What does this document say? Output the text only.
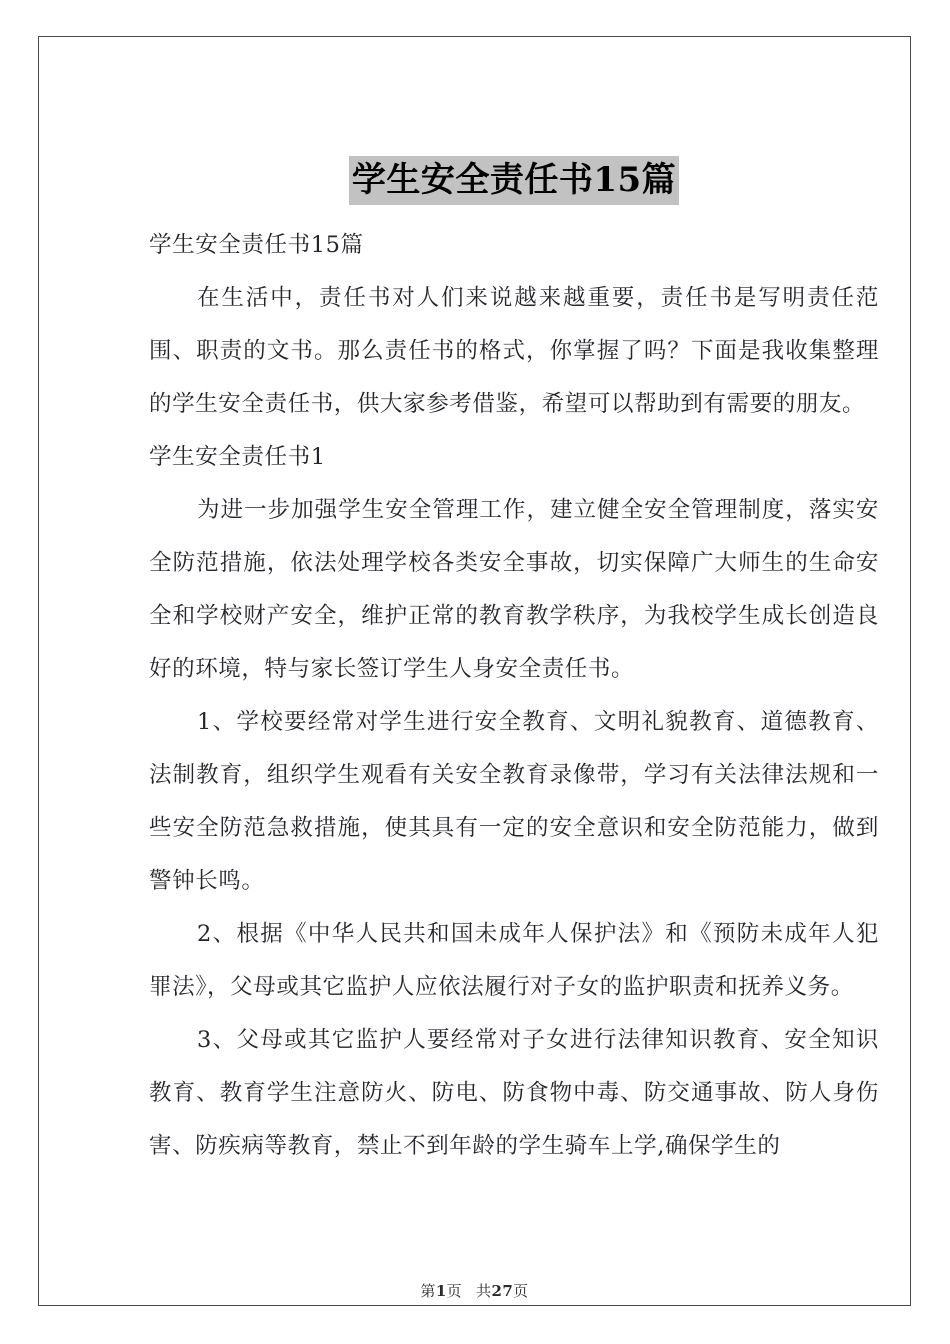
学生安全责任书15篇

学生安全责任书15篇

在生活中，责任书对人们来说越来越重要，责任书是写明责任范围、职责的文书。那么责任书的格式，你掌握了吗？下面是我收集整理的学生安全责任书，供大家参考借鉴，希望可以帮助到有需要的朋友。

学生安全责任书1

为进一步加强学生安全管理工作，建立健全安全管理制度，落实安全防范措施，依法处理学校各类安全事故，切实保障广大师生的生命安全和学校财产安全，维护正常的教育教学秩序，为我校学生成长创造良好的环境，特与家长签订学生人身安全责任书。

1、学校要经常对学生进行安全教育、文明礼貌教育、道德教育、法制教育，组织学生观看有关安全教育录像带，学习有关法律法规和一些安全防范急救措施，使其具有一定的安全意识和安全防范能力，做到警钟长鸣。

2、根据《中华人民共和国未成年人保护法》和《预防未成年人犯罪法》，父母或其它监护人应依法履行对子女的监护职责和抚养义务。

3、父母或其它监护人要经常对子女进行法律知识教育、安全知识教育、教育学生注意防火、防电、防食物中毒、防交通事故、防人身伤害、防疾病等教育，禁止不到年龄的学生骑车上学,确保学生的

第1页 共27页
